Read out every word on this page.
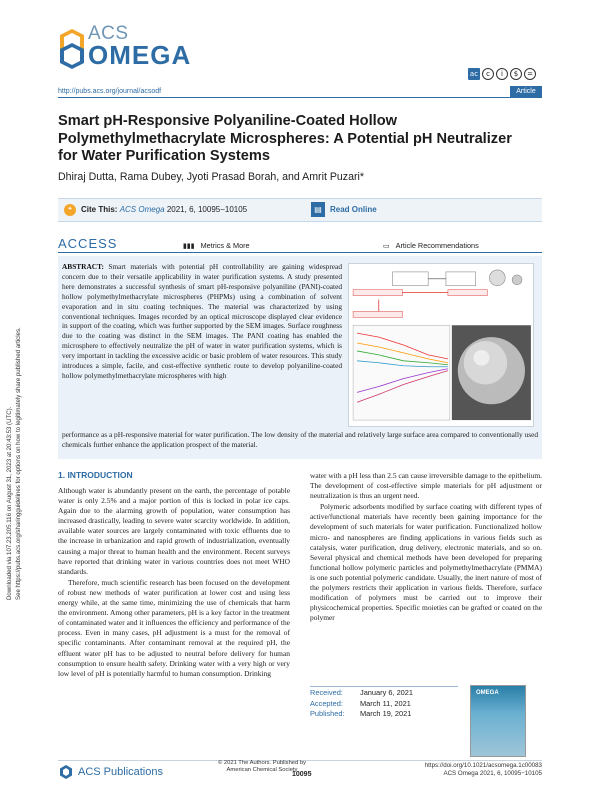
Downloaded via 107.23.205.116 on August 31, 2023 at 20:43:53 (UTC). See https://pubs.acs.org/sharingguidelines for options on how to legitimately share published articles.
ACS
OMEGA
ac	c	i	$	=
http://pubs.acs.org/journal/acsodf	Article
Smart pH-Responsive Polyaniline-Coated Hollow Polymethylmethacrylate Microspheres: A Potential pH Neutralizer for Water Purification Systems
Dhiraj Dutta, Rama Dubey, Jyoti Prasad Borah, and Amrit Puzari*
❝	Cite This: ACS Omega 2021, 6, 10095−10105	▤	Read Online
ACCESS	▮▮▮ Metrics & More	▭ Article Recommendations
ABSTRACT: Smart materials with potential pH controllability are gaining widespread concern due to their versatile applicability in water purification systems. A study presented here demonstrates a successful synthesis of smart pH-responsive polyaniline (PANI)-coated hollow polymethylmethacrylate microspheres (PHPMs) using a combination of solvent evaporation and in situ coating techniques. The material was characterized by using conventional techniques. Images recorded by an optical microscope displayed clear evidence in support of the coating, which was further supported by the SEM images. Surface roughness due to the coating was distinct in the SEM images. The PANI coating has enabled the microsphere to effectively neutralize the pH of water in water purification systems, which is very important in tackling the excessive acidic or basic problem of water resources. This study introduces a simple, facile, and cost-effective synthetic route to develop polyaniline-coated hollow polymethylmethacrylate microspheres with high
performance as a pH-responsive material for water purification. The low density of the material and relatively large surface area compared to conventionally used chemicals further enhance the application prospect of the material.
1. INTRODUCTION

Although water is abundantly present on the earth, the percentage of potable water is only 2.5% and a major portion of this is locked in polar ice caps. Again due to the alarming growth of population, water consumption has increased drastically, leading to severe water scarcity worldwide. In addition, available water sources are largely contaminated with toxic effluents due to the increase in urbanization and rapid growth of industrialization, eventually causing a major threat to human health and the environment. Recent surveys have reported that drinking water in various countries does not meet WHO standards.

Therefore, much scientific research has been focused on the development of robust new methods of water purification at lower cost and using less energy while, at the same time, minimizing the use of chemicals that harm the environment. Among other parameters, pH is a key factor in the treatment of contaminated water and it influences the efficiency and performance of the process. Even in many cases, pH adjustment is a must for the removal of specific contaminants. After contaminant removal at the required pH, the effluent water pH has to be adjusted to neutral before delivery for human consumption to ensure health safety. Drinking water with a very high or very low level of pH is potentially harmful to human consumption. Drinking

water with a pH less than 2.5 can cause irreversible damage to the epithelium. The development of cost-effective simple materials for pH adjustment or neutralization is thus an urgent need.

Polymeric adsorbents modified by surface coating with different types of active/functional materials have recently been gaining importance for the development of such materials for water purification. Functionalized hollow micro- and nanospheres are finding applications in various fields such as catalysis, water purification, drug delivery, electronic materials, and so on. Several physical and chemical methods have been developed for preparing functional hollow polymeric particles and polymethylmethacrylate (PMMA) is one such potential polymeric candidate. Usually, the inert nature of most of the polymers restricts their application in various fields. Therefore, surface modification of polymers must be carried out to improve their physicochemical properties. Specific moieties can be grafted or coated on the polymer

Received: January 6, 2021
Accepted: March 11, 2021
Published: March 19, 2021
OMEGA
ACS Publications
© 2021 The Authors. Published by American Chemical Society
10095
https://doi.org/10.1021/acsomega.1c00083
ACS Omega 2021, 6, 10095−10105
